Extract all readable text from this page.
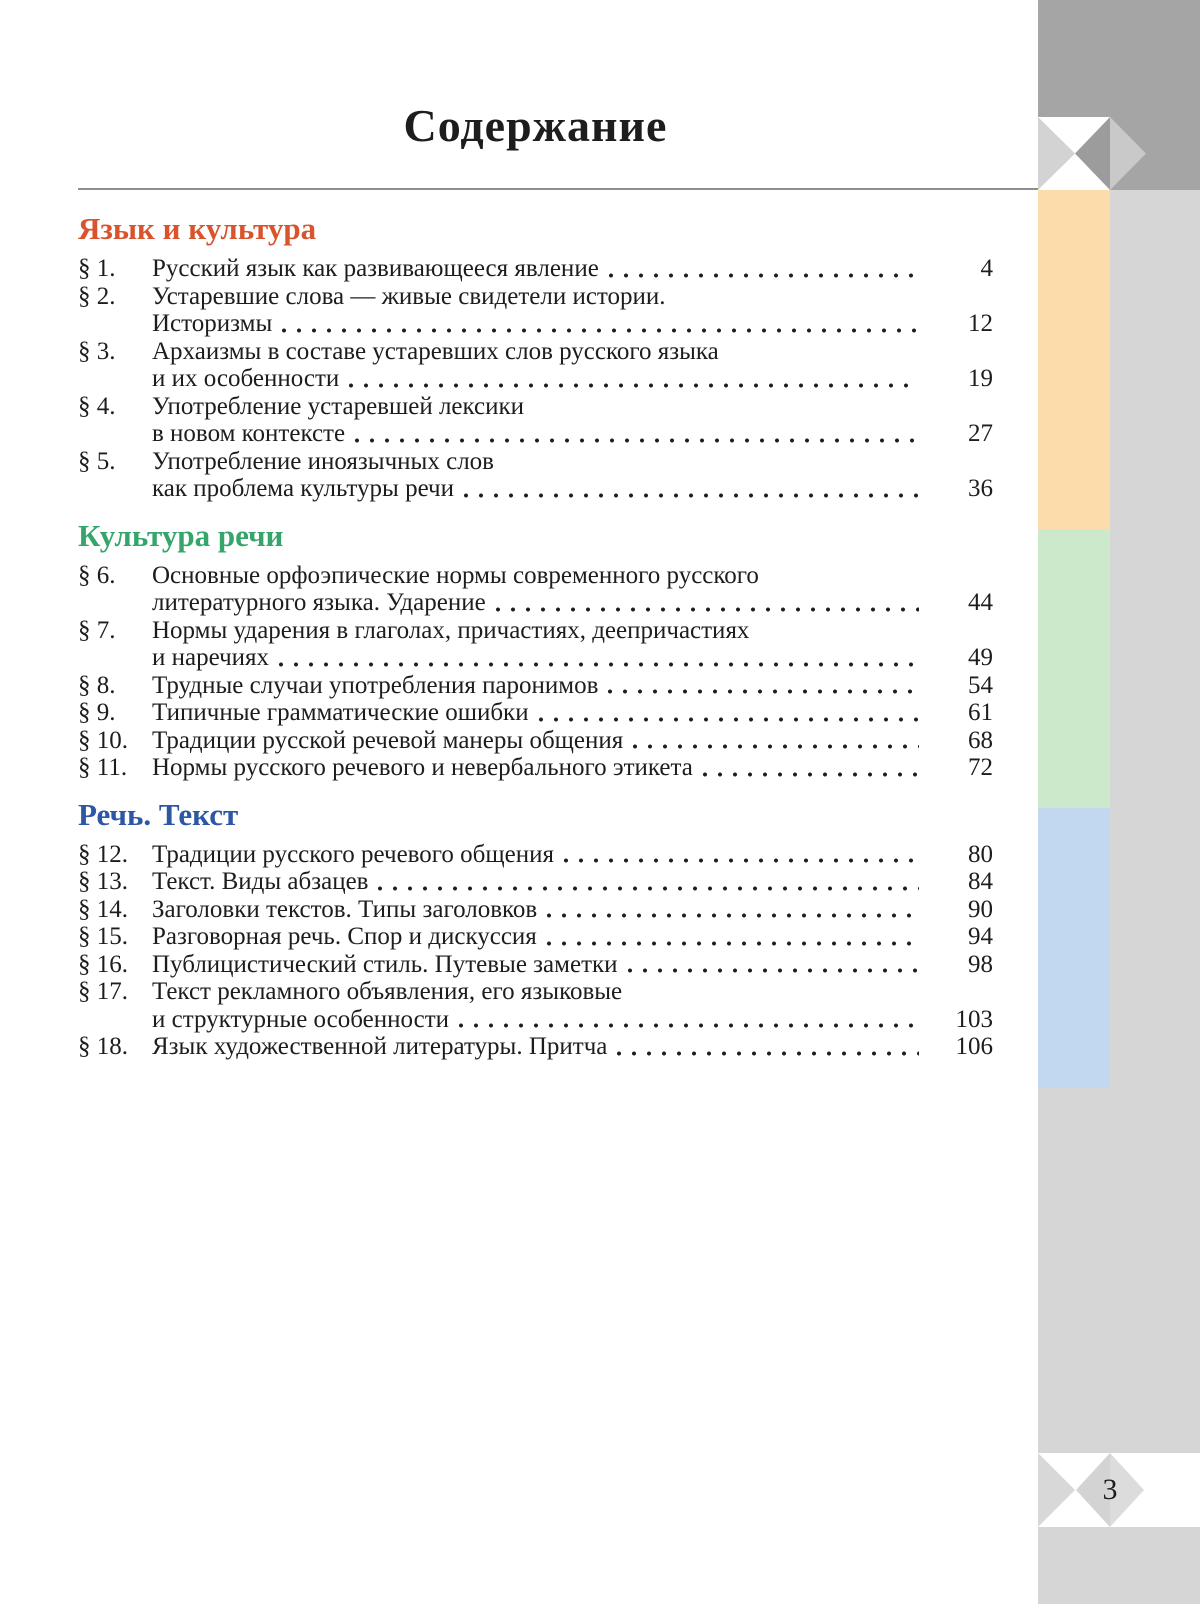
3
Содержание
Язык и культура
§ 1.	Русский язык как развивающееся явление	4
§ 2.	Устаревшие слова — живые свидетели истории.
Историзмы	12
§ 3.	Архаизмы в составе устаревших слов русского языка
и их особенности	19
§ 4.	Употребление устаревшей лексики
в новом контексте	27
§ 5.	Употребление иноязычных слов
как проблема культуры речи	36
Культура речи
§ 6.	Основные орфоэпические нормы современного русского
литературного языка. Ударение	44
§ 7.	Нормы ударения в глаголах, причастиях, деепричастиях
и наречиях	49
§ 8.	Трудные случаи употребления паронимов	54
§ 9.	Типичные грамматические ошибки	61
§ 10. Традиции русской речевой манеры общения	68
§ 11. Нормы русского речевого и невербального этикета	72
Речь. Текст
§ 12. Традиции русского речевого общения	80
§ 13. Текст. Виды абзацев	84
§ 14. Заголовки текстов. Типы заголовков	90
§ 15. Разговорная речь. Спор и дискуссия	94
§ 16. Публицистический стиль. Путевые заметки	98
§ 17. Текст рекламного объявления, его языковые
и структурные особенности	103
§ 18. Язык художественной литературы. Притча	106
